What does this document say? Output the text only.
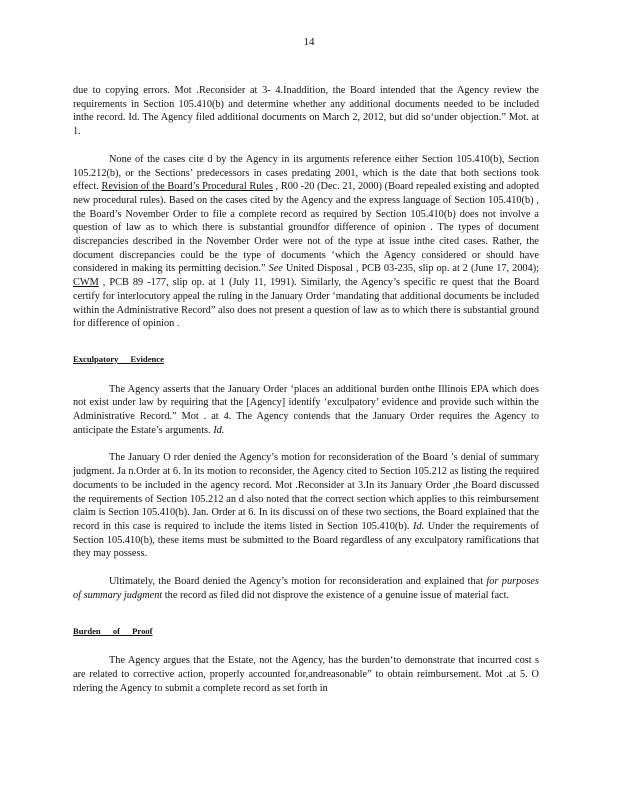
14

due to copying errors. Mot .Reconsider at 3- 4.Inaddition, the Board intended that the Agency review the requirements in Section 105.410(b) and determine whether any additional documents needed to be included inthe record. Id. The Agency filed additional documents on March 2, 2012, but did so‘under objection.” Mot. at 1.

None of the cases cite d by the Agency in its arguments reference either Section 105.410(b), Section 105.212(b), or the Sections’ predecessors in cases predating 2001, which is the date that both sections took effect. Revision of the Board’s Procedural Rules , R00 -20 (Dec. 21, 2000) (Board repealed existing and adopted new procedural rules). Based on the cases cited by the Agency and the express language of Section 105.410(b) , the Board’s November Order to file a complete record as required by Section 105.410(b) does not involve a question of law as to which there is substantial groundfor difference of opinion . The types of document discrepancies described in the November Order were not of the type at issue inthe cited cases. Rather, the document discrepancies could be the type of documents ‘which the Agency considered or should have considered in making its permitting decision.” See United Disposal , PCB 03-235, slip op. at 2 (June 17, 2004); CWM , PCB 89 -177, slip op. at 1 (July 11, 1991). Similarly, the Agency’s specific re quest that the Board certify for interlocutory appeal the ruling in the January Order ‘mandating that additional documents be included within the Administrative Record” also does not present a question of law as to which there is substantial ground for difference of opinion .

Exculpatory Evidence

The Agency asserts that the January Order ‘places an additional burden onthe Illinois EPA which does not exist under law by requiring that the [Agency] identify ‘exculpatory’ evidence and provide such within the Administrative Record.” Mot . at 4. The Agency contends that the January Order requires the Agency to anticipate the Estate’s arguments. Id.

The January O rder denied the Agency’s motion for reconsideration of the Board ’s denial of summary judgment. Ja n.Order at 6. In its motion to reconsider, the Agency cited to Section 105.212 as listing the required documents to be included in the agency record. Mot .Reconsider at 3.In its January Order ,the Board discussed the requirements of Section 105.212 an d also noted that the correct section which applies to this reimbursement claim is Section 105.410(b). Jan. Order at 6. In its discussi on of these two sections, the Board explained that the record in this case is required to include the items listed in Section 105.410(b). Id. Under the requirements of Section 105.410(b), these items must be submitted to the Board regardless of any exculpatory ramifications that they may possess.

Ultimately, the Board denied the Agency’s motion for reconsideration and explained that for purposes of summary judgment the record as filed did not disprove the existence of a genuine issue of material fact.

Burden of Proof

The Agency argues that the Estate, not the Agency, has the burden‘to demonstrate that incurred cost s are related to corrective action, properly accounted for,andreasonable” to obtain reimbursement. Mot .at 5. O rdering the Agency to submit a complete record as set forth in
